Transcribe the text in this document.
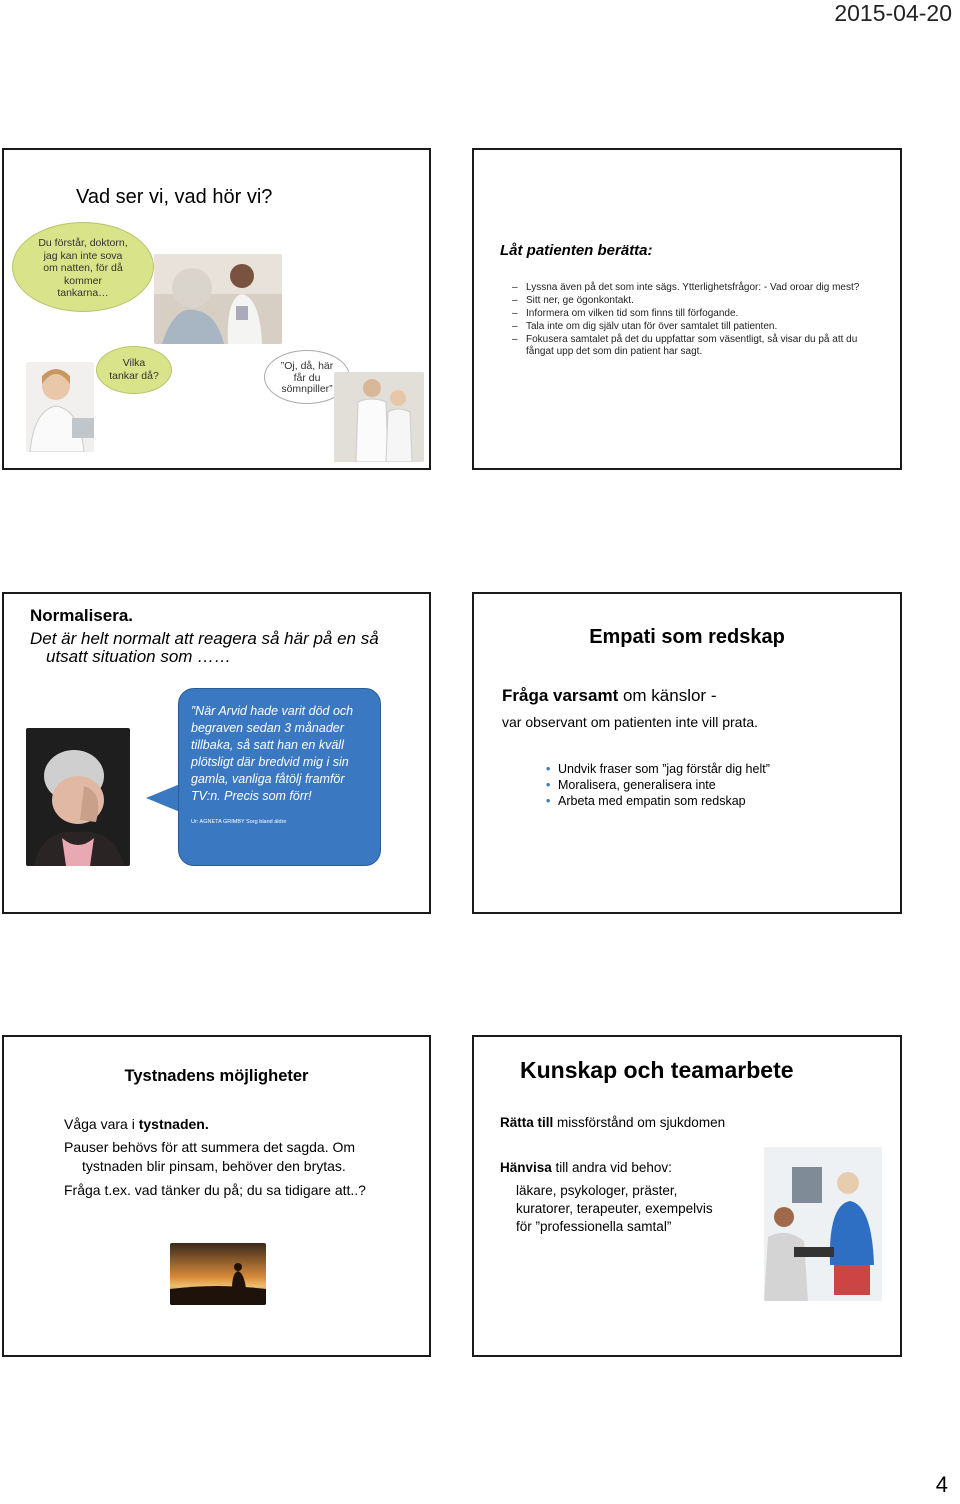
2015-04-20
Vad ser vi, vad hör vi?
Du förstår, doktorn,
jag kan inte sova
om natten, för då
kommer
tankarna…
Vilka
tankar då?
”Oj, då, här
får du
sömnpiller”
Låt patienten berätta:
– Lyssna även på det som inte sägs. Ytterlighetsfrågor: - Vad oroar dig mest?
– Sitt ner, ge ögonkontakt.
– Informera om vilken tid som finns till förfogande.
– Tala inte om dig själv utan för över samtalet till patienten.
– Fokusera samtalet på det du uppfattar som väsentligt, så visar du på att du fångat upp det som din patient har sagt.
Normalisera.
Det är helt normalt att reagera så här på en så
utsatt situation som ……
”När Arvid hade varit död och begraven sedan 3 månader tillbaka, så satt han en kväll plötsligt där bredvid mig i sin gamla, vanliga fåtölj framför TV:n. Precis som förr!
Ur: AGNETA GRIMBY Sorg bland äldre
Empati som redskap
Fråga varsamt om känslor -
var observant om patienten inte vill prata.
• Undvik fraser som ”jag förstår dig helt”
• Moralisera, generalisera inte
• Arbeta med empatin som redskap
Tystnadens möjligheter
Våga vara i tystnaden.
Pauser behövs för att summera det sagda. Om
tystnaden blir pinsam, behöver den brytas.
Fråga t.ex. vad tänker du på; du sa tidigare att..?
Kunskap och teamarbete
Rätta till missförstånd om sjukdomen
Hänvisa till andra vid behov:
läkare, psykologer, präster,
kuratorer, terapeuter, exempelvis
för ”professionella samtal”
4
